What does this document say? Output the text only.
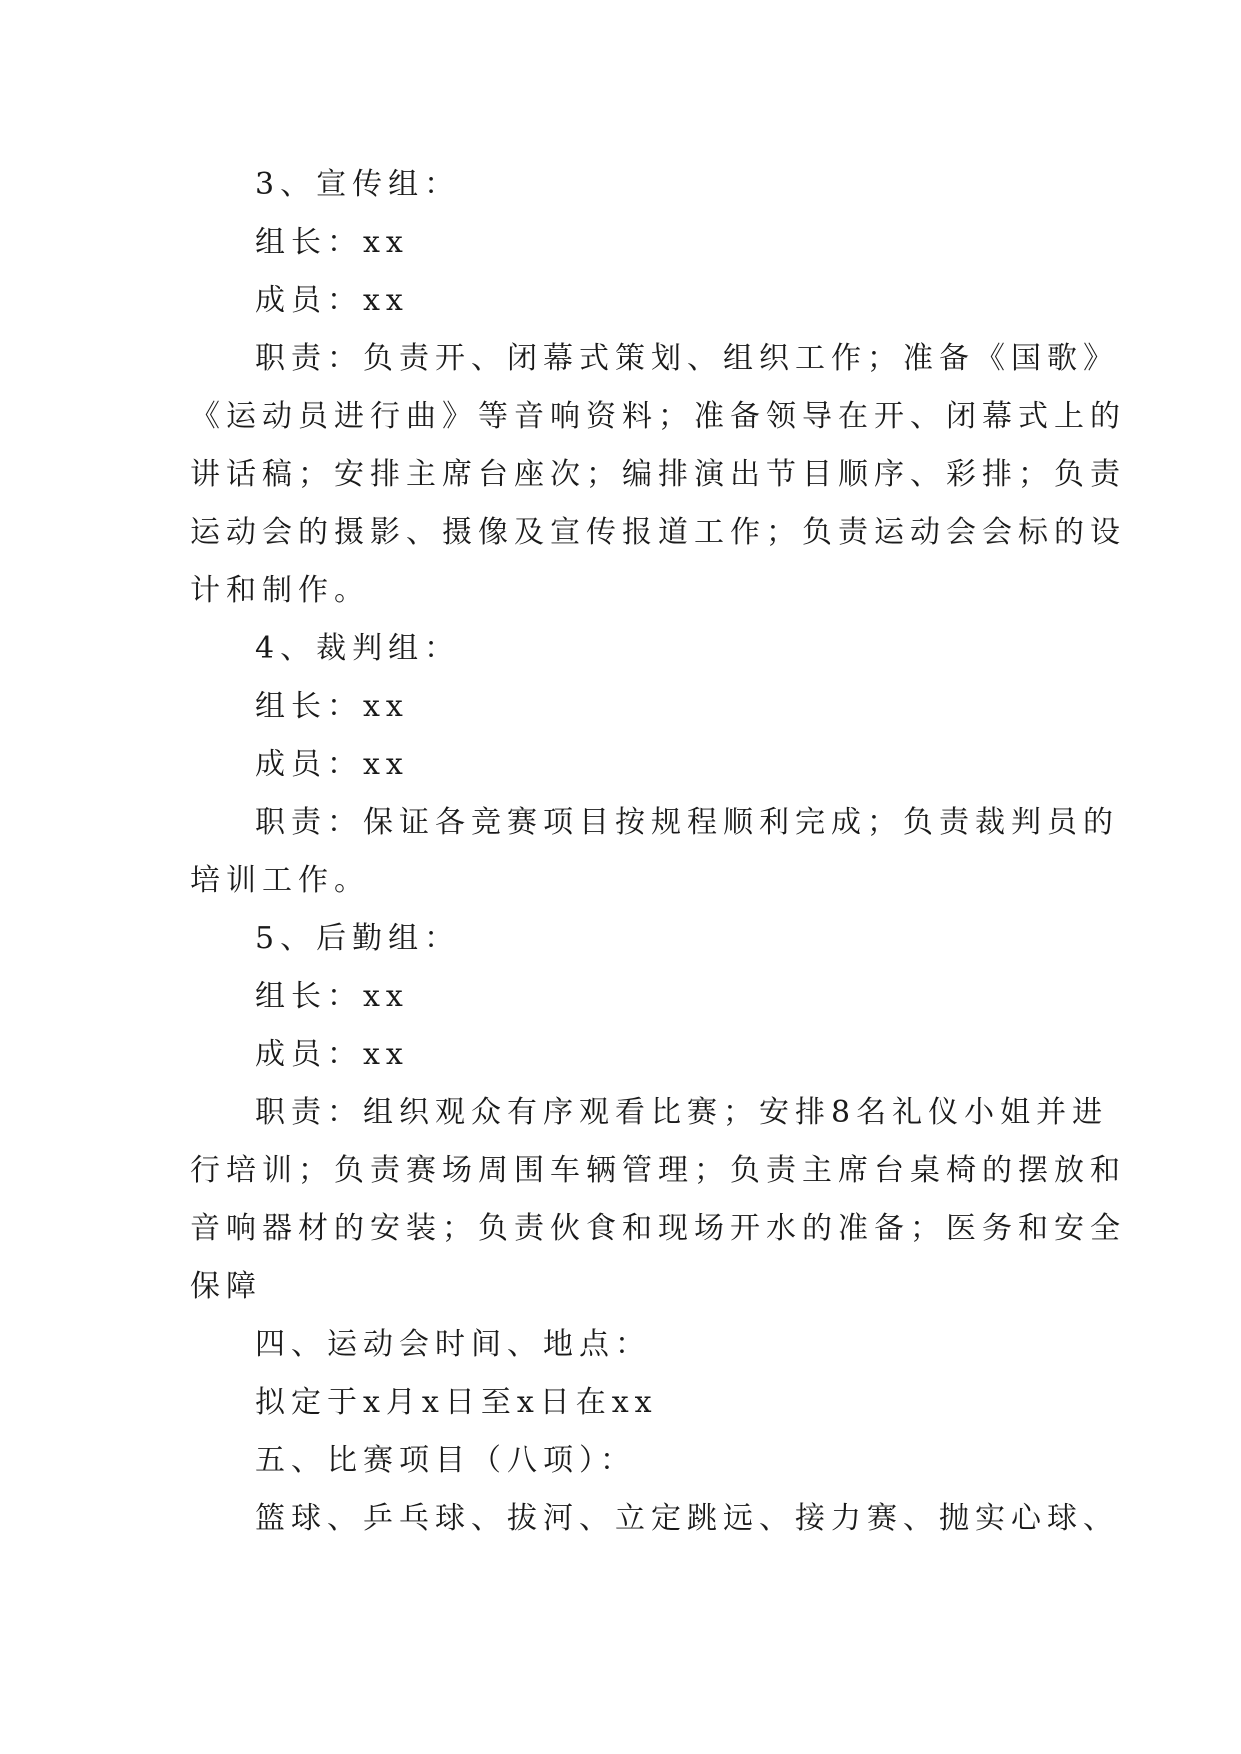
3、宣传组：
组长：xx
成员：xx
职责：负责开、闭幕式策划、组织工作；准备《国歌》
《运动员进行曲》等音响资料；准备领导在开、闭幕式上的
讲话稿；安排主席台座次；编排演出节目顺序、彩排；负责
运动会的摄影、摄像及宣传报道工作；负责运动会会标的设
计和制作。
4、裁判组：
组长：xx
成员：xx
职责：保证各竞赛项目按规程顺利完成；负责裁判员的
培训工作。
5、后勤组：
组长：xx
成员：xx
职责：组织观众有序观看比赛；安排8名礼仪小姐并进
行培训；负责赛场周围车辆管理；负责主席台桌椅的摆放和
音响器材的安装；负责伙食和现场开水的准备；医务和安全
保障
四、运动会时间、地点：
拟定于x月x日至x日在xx
五、比赛项目（八项）：
篮球、乒乓球、拔河、立定跳远、接力赛、抛实心球、
